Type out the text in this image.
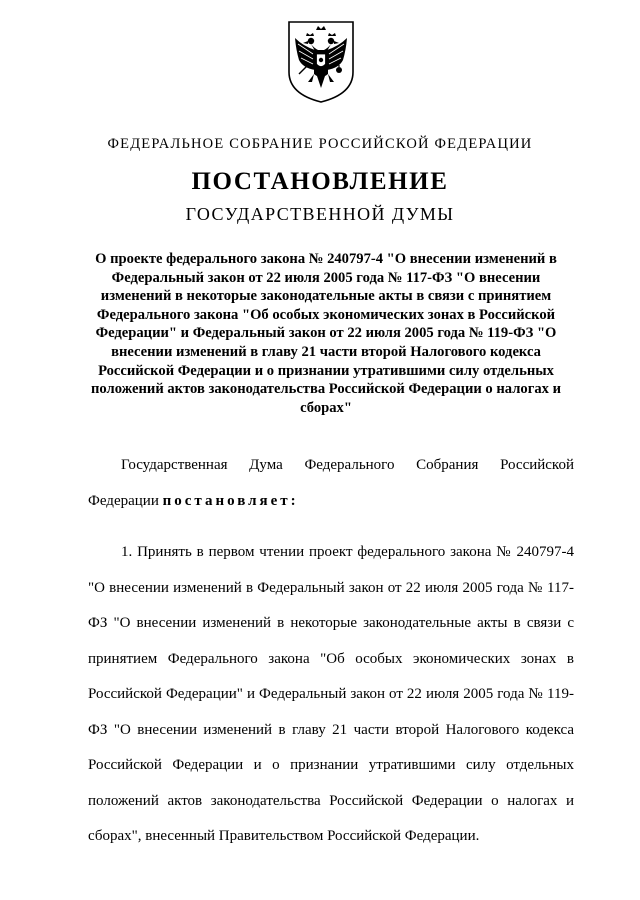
ФЕДЕРАЛЬНОЕ СОБРАНИЕ РОССИЙСКОЙ ФЕДЕРАЦИИ
ПОСТАНОВЛЕНИЕ
ГОСУДАРСТВЕННОЙ ДУМЫ
О проекте федерального закона № 240797-4 "О внесении изменений в Федеральный закон от 22 июля 2005 года № 117-ФЗ "О внесении изменений в некоторые законодательные акты в связи с принятием Федерального закона "Об особых экономических зонах в Российской Федерации" и Федеральный закон от 22 июля 2005 года № 119-ФЗ "О внесении изменений в главу 21 части второй Налогового кодекса Российской Федерации и о признании утратившими силу отдельных положений актов законодательства Российской Федерации о налогах и сборах"

Государственная Дума Федерального Собрания Российской Федерации постановляет:

1. Принять в первом чтении проект федерального закона № 240797-4 "О внесении изменений в Федеральный закон от 22 июля 2005 года № 117-ФЗ "О внесении изменений в некоторые законодательные акты в связи с принятием Федерального закона "Об особых экономических зонах в Российской Федерации" и Федеральный закон от 22 июля 2005 года № 119-ФЗ "О внесении изменений в главу 21 части второй Налогового кодекса Российской Федерации и о признании утратившими силу отдельных положений актов законодательства Российской Федерации о налогах и сборах", внесенный Правительством Российской Федерации.
